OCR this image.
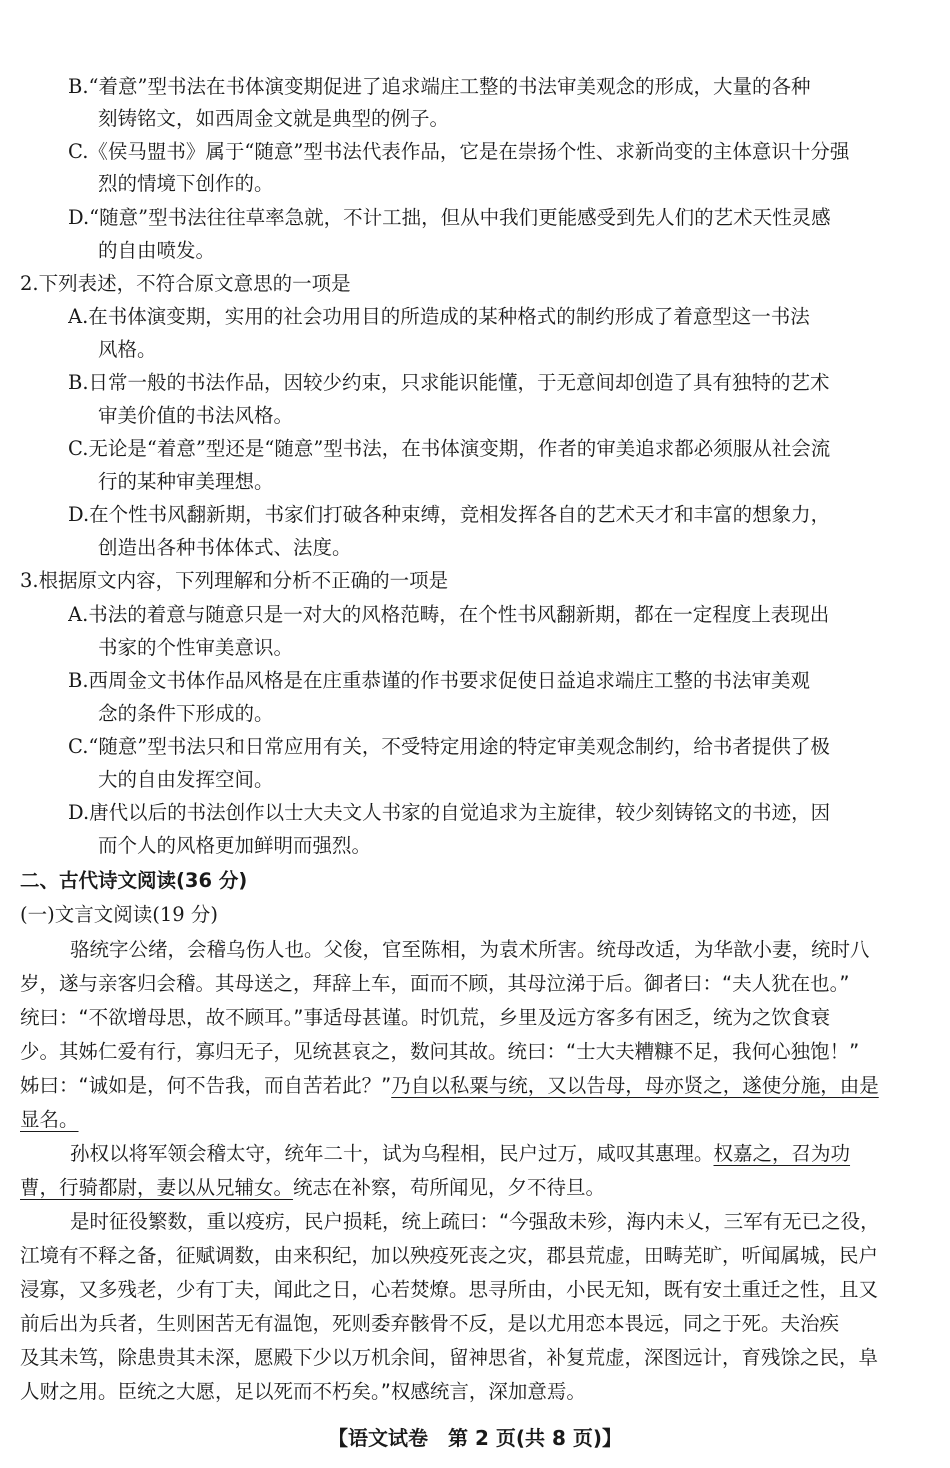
B.“着意”型书法在书体演变期促进了追求端庄工整的书法审美观念的形成，大量的各种
刻铸铭文，如西周金文就是典型的例子。
C.《侯马盟书》属于“随意”型书法代表作品，它是在崇扬个性、求新尚变的主体意识十分强
烈的情境下创作的。
D.“随意”型书法往往草率急就，不计工拙，但从中我们更能感受到先人们的艺术天性灵感
的自由喷发。
2.下列表述，不符合原文意思的一项是
A.在书体演变期，实用的社会功用目的所造成的某种格式的制约形成了着意型这一书法
风格。
B.日常一般的书法作品，因较少约束，只求能识能懂，于无意间却创造了具有独特的艺术
审美价值的书法风格。
C.无论是“着意”型还是“随意”型书法，在书体演变期，作者的审美追求都必须服从社会流
行的某种审美理想。
D.在个性书风翻新期，书家们打破各种束缚，竞相发挥各自的艺术天才和丰富的想象力，
创造出各种书体体式、法度。
3.根据原文内容，下列理解和分析不正确的一项是
A.书法的着意与随意只是一对大的风格范畴，在个性书风翻新期，都在一定程度上表现出
书家的个性审美意识。
B.西周金文书体作品风格是在庄重恭谨的作书要求促使日益追求端庄工整的书法审美观
念的条件下形成的。
C.“随意”型书法只和日常应用有关，不受特定用途的特定审美观念制约，给书者提供了极
大的自由发挥空间。
D.唐代以后的书法创作以士大夫文人书家的自觉追求为主旋律，较少刻铸铭文的书迹，因
而个人的风格更加鲜明而强烈。
二、古代诗文阅读(36 分)
(一)文言文阅读(19 分)
骆统字公绪，会稽乌伤人也。父俊，官至陈相，为袁术所害。统母改适，为华歆小妻，统时八
岁，遂与亲客归会稽。其母送之，拜辞上车，面而不顾，其母泣涕于后。御者曰：“夫人犹在也。”
统曰：“不欲增母思，故不顾耳。”事适母甚谨。时饥荒，乡里及远方客多有困乏，统为之饮食衰
少。其姊仁爱有行，寡归无子，见统甚哀之，数问其故。统曰：“士大夫糟糠不足，我何心独饱！”
姊曰：“诚如是，何不告我，而自苦若此？”乃自以私粟与统，又以告母，母亦贤之，遂使分施，由是
显名。
孙权以将军领会稽太守，统年二十，试为乌程相，民户过万，咸叹其惠理。权嘉之，召为功
曹，行骑都尉，妻以从兄辅女。统志在补察，苟所闻见，夕不待旦。
是时征役繁数，重以疫疠，民户损耗，统上疏曰：“今强敌未殄，海内未乂，三军有无已之役，
江境有不释之备，征赋调数，由来积纪，加以殃疫死丧之灾，郡县荒虚，田畴芜旷，听闻属城，民户
浸寡，又多残老，少有丁夫，闻此之日，心若焚燎。思寻所由，小民无知，既有安土重迁之性，且又
前后出为兵者，生则困苦无有温饱，死则委弃骸骨不反，是以尤用恋本畏远，同之于死。夫治疾
及其未笃，除患贵其未深，愿殿下少以万机余间，留神思省，补复荒虚，深图远计，育残馀之民，阜
人财之用。臣统之大愿，足以死而不朽矣。”权感统言，深加意焉。
【语文试卷　第 2 页(共 8 页)】
